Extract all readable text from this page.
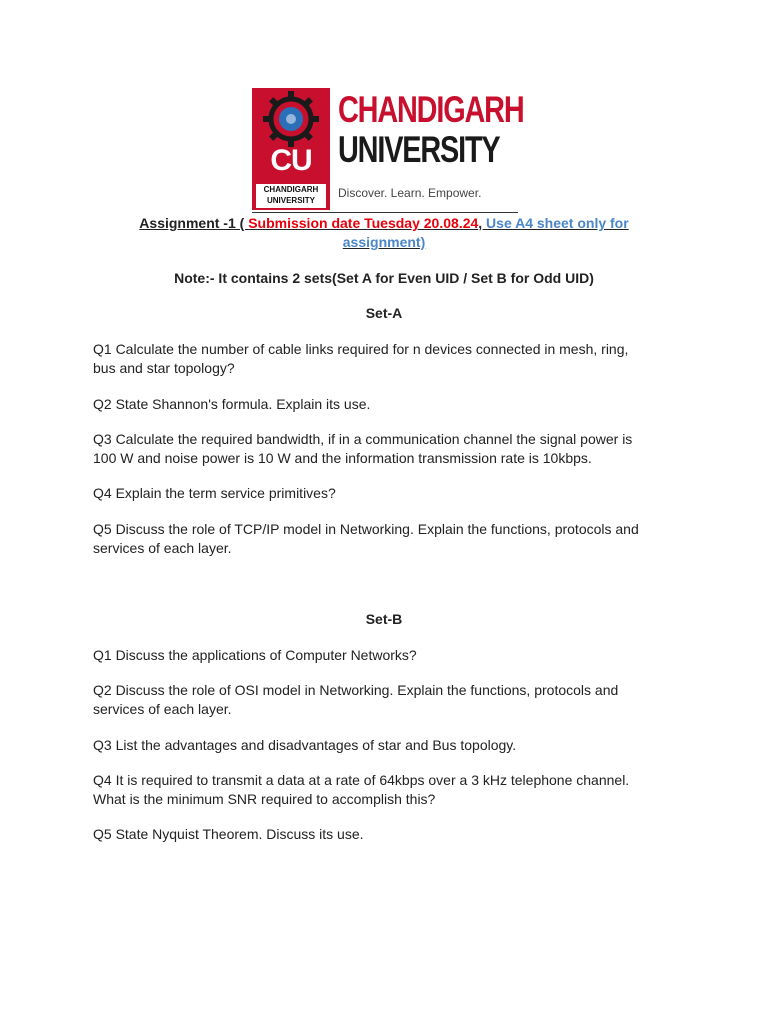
CU
CHANDIGARH
UNIVERSITY
CHANDIGARH
UNIVERSITY
Discover. Learn. Empower.
Assignment -1 ( Submission date Tuesday 20.08.24, Use A4 sheet only for
assignment)
Note:- It contains 2 sets(Set A for Even UID / Set B for Odd UID)
Set-A
Q1 Calculate the number of cable links required for n devices connected in mesh, ring,
bus and star topology?
Q2 State Shannon's formula. Explain its use.
Q3 Calculate the required bandwidth, if in a communication channel the signal power is
100 W and noise power is 10 W and the information transmission rate is 10kbps.
Q4 Explain the term service primitives?
Q5 Discuss the role of TCP/IP model in Networking. Explain the functions, protocols and
services of each layer.
Set-B
Q1 Discuss the applications of Computer Networks?
Q2 Discuss the role of OSI model in Networking. Explain the functions, protocols and
services of each layer.
Q3 List the advantages and disadvantages of star and Bus topology.
Q4 It is required to transmit a data at a rate of 64kbps over a 3 kHz telephone channel.
What is the minimum SNR required to accomplish this?
Q5 State Nyquist Theorem. Discuss its use.
